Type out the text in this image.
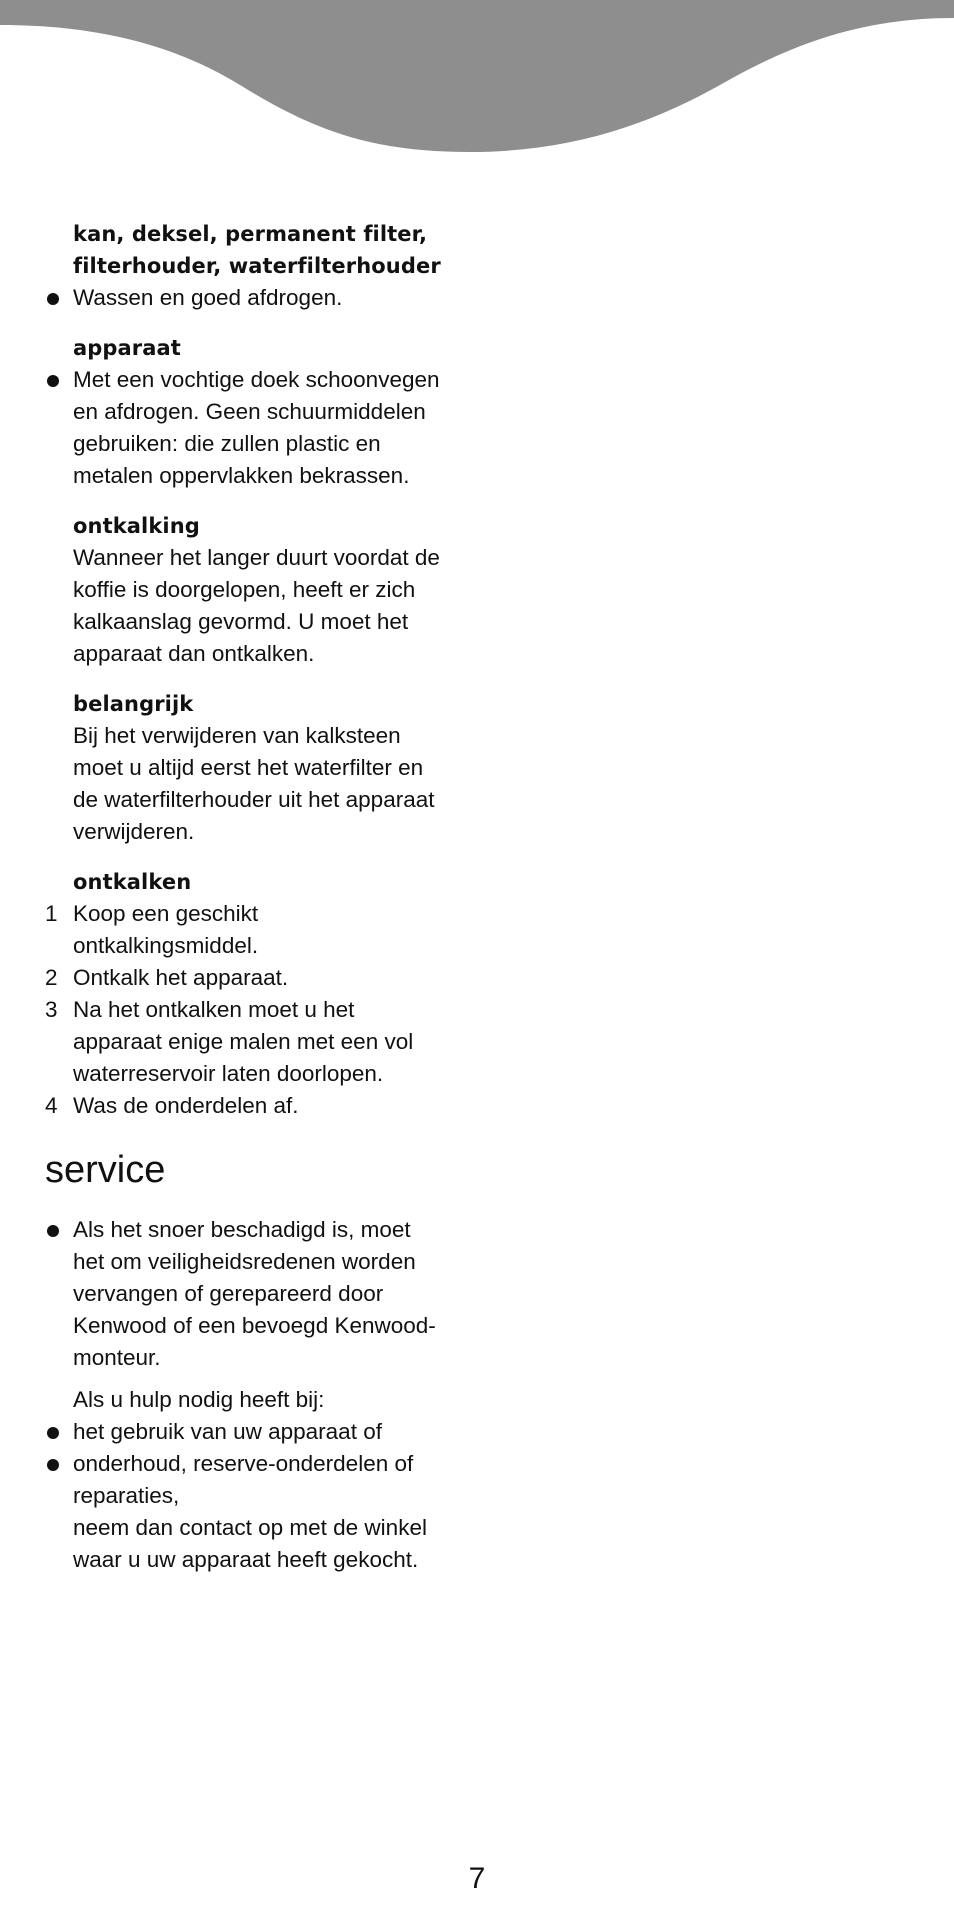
kan, deksel, permanent filter,
filterhouder, waterfilterhouder
Wassen en goed afdrogen.
apparaat
Met een vochtige doek schoonvegen
en afdrogen. Geen schuurmiddelen
gebruiken: die zullen plastic en
metalen oppervlakken bekrassen.
ontkalking
Wanneer het langer duurt voordat de
koffie is doorgelopen, heeft er zich
kalkaanslag gevormd. U moet het
apparaat dan ontkalken.
belangrijk
Bij het verwijderen van kalksteen
moet u altijd eerst het waterfilter en
de waterfilterhouder uit het apparaat
verwijderen.
ontkalken
1 Koop een geschikt
ontkalkingsmiddel.
2 Ontkalk het apparaat.
3 Na het ontkalken moet u het
apparaat enige malen met een vol
waterreservoir laten doorlopen.
4 Was de onderdelen af.
service
Als het snoer beschadigd is, moet
het om veiligheidsredenen worden
vervangen of gerepareerd door
Kenwood of een bevoegd Kenwood-
monteur.
Als u hulp nodig heeft bij:
het gebruik van uw apparaat of
onderhoud, reserve-onderdelen of
reparaties,
neem dan contact op met de winkel
waar u uw apparaat heeft gekocht.
7
